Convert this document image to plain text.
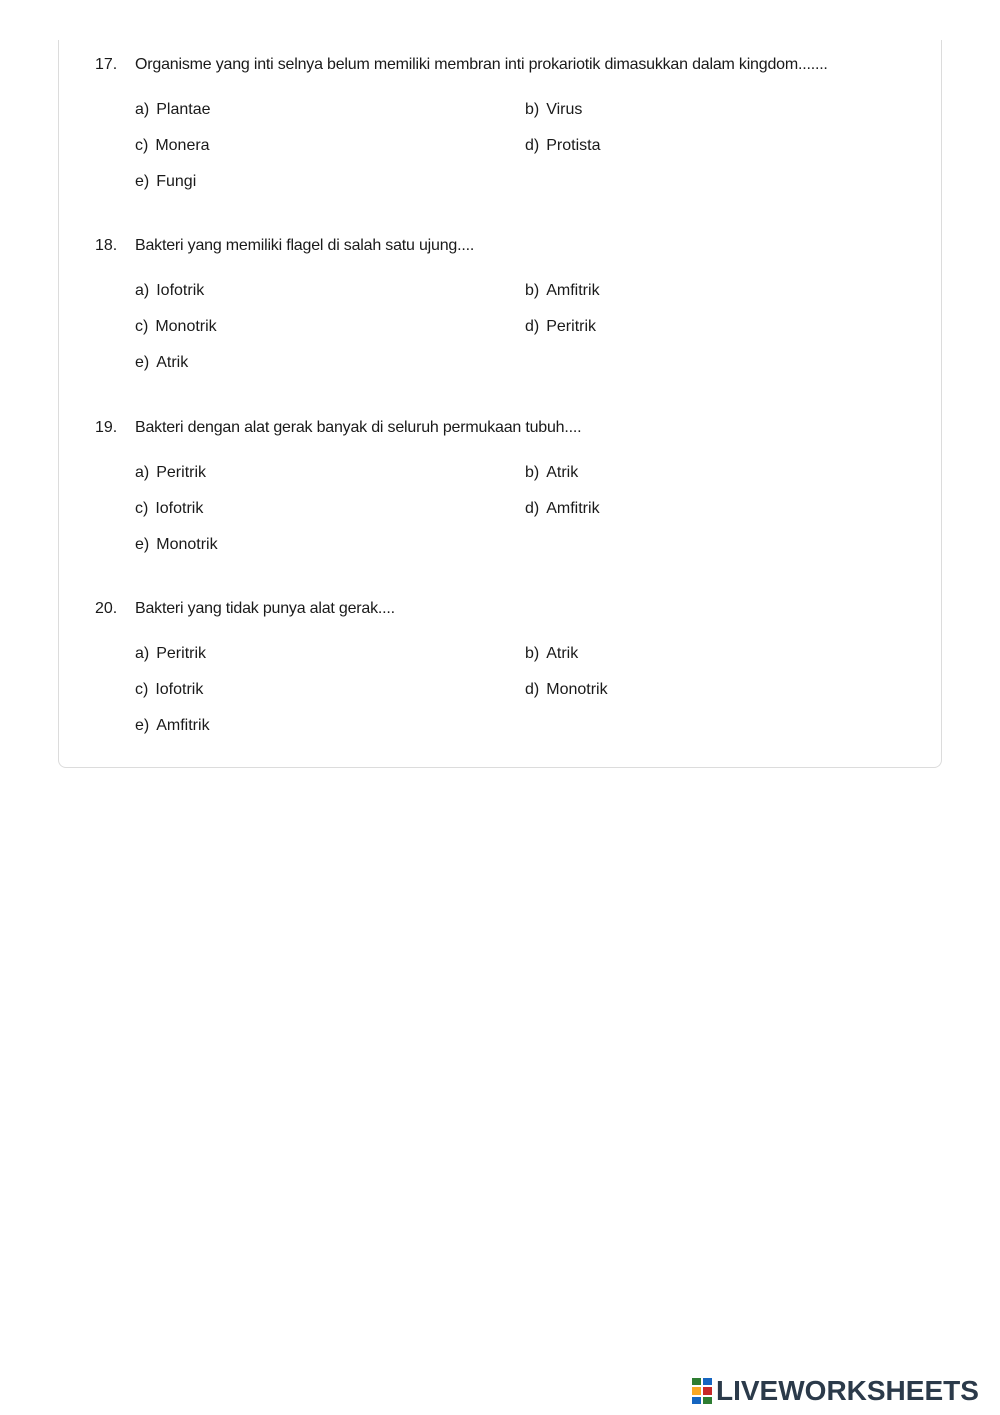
17. Organisme yang inti selnya belum memiliki membran inti prokariotik dimasukkan dalam kingdom.......
a) Plantae	b) Virus
c) Monera	d) Protista
e) Fungi
18. Bakteri yang memiliki flagel di salah satu ujung....
a) Iofotrik	b) Amfitrik
c) Monotrik	d) Peritrik
e) Atrik
19. Bakteri dengan alat gerak banyak di seluruh permukaan tubuh....
a) Peritrik	b) Atrik
c) Iofotrik	d) Amfitrik
e) Monotrik
20. Bakteri yang tidak punya alat gerak....
a) Peritrik	b) Atrik
c) Iofotrik	d) Monotrik
e) Amfitrik
LIVEWORKSHEETS
